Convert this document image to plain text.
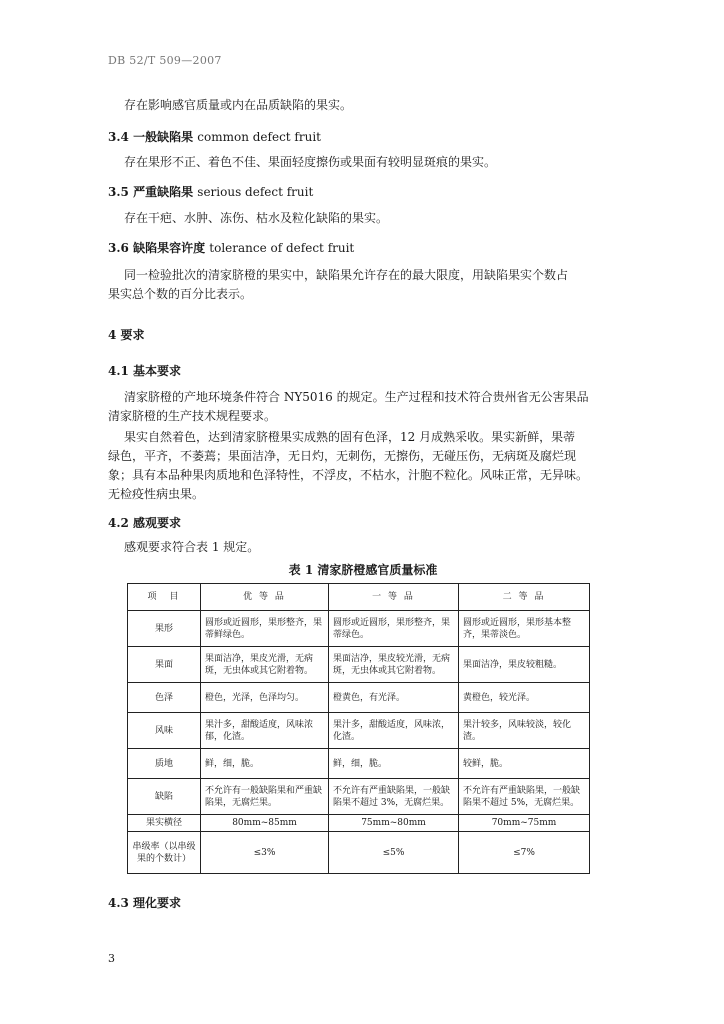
DB 52/T 509—2007
存在影响感官质量或内在品质缺陷的果实。
3.4 一般缺陷果 common defect fruit
存在果形不正、着色不佳、果面轻度擦伤或果面有较明显斑痕的果实。
3.5 严重缺陷果 serious defect fruit
存在干疤、水肿、冻伤、枯水及粒化缺陷的果实。
3.6 缺陷果容许度 tolerance of defect fruit
同一检验批次的清家脐橙的果实中，缺陷果允许存在的最大限度，用缺陷果实个数占
果实总个数的百分比表示。
4 要求
4.1 基本要求
清家脐橙的产地环境条件符合 NY5016 的规定。生产过程和技术符合贵州省无公害果品
清家脐橙的生产技术规程要求。
果实自然着色，达到清家脐橙果实成熟的固有色泽，12 月成熟采收。果实新鲜，果蒂
绿色，平齐，不萎蔫；果面洁净，无日灼，无刺伤，无擦伤，无碰压伤，无病斑及腐烂现
象；具有本品种果肉质地和色泽特性，不浮皮，不枯水，汁胞不粒化。风味正常，无异味。
无检疫性病虫果。
4.2 感观要求
感观要求符合表 1 规定。
表 1 清家脐橙感官质量标准
项　目	优 等 品	一 等 品	二 等 品
果形	圆形或近圆形，果形整齐，果蒂鲜绿色。	圆形或近圆形，果形整齐，果蒂绿色。	圆形或近圆形，果形基本整齐，果蒂淡色。
果面	果面洁净，果皮光滑，无病斑，无虫体或其它附着物。	果面洁净，果皮较光滑，无病斑，无虫体或其它附着物。	果面洁净，果皮较粗糙。
色泽	橙色，光泽，色泽均匀。	橙黄色，有光泽。	黄橙色，较光泽。
风味	果汁多，甜酸适度，风味浓郁，化渣。	果汁多，甜酸适度，风味浓，化渣。	果汁较多，风味较淡，较化渣。
质地	鲜，细，脆。	鲜，细，脆。	较鲜，脆。
缺陷	不允许有一般缺陷果和严重缺陷果，无腐烂果。	不允许有严重缺陷果，一般缺陷果不超过 3%，无腐烂果。	不允许有严重缺陷果，一般缺陷果不超过 5%，无腐烂果。
果实横径	80mm~85mm	75mm~80mm	70mm~75mm
串级率（以串级果的个数计）	≤3%	≤5%	≤7%
4.3 理化要求
3
